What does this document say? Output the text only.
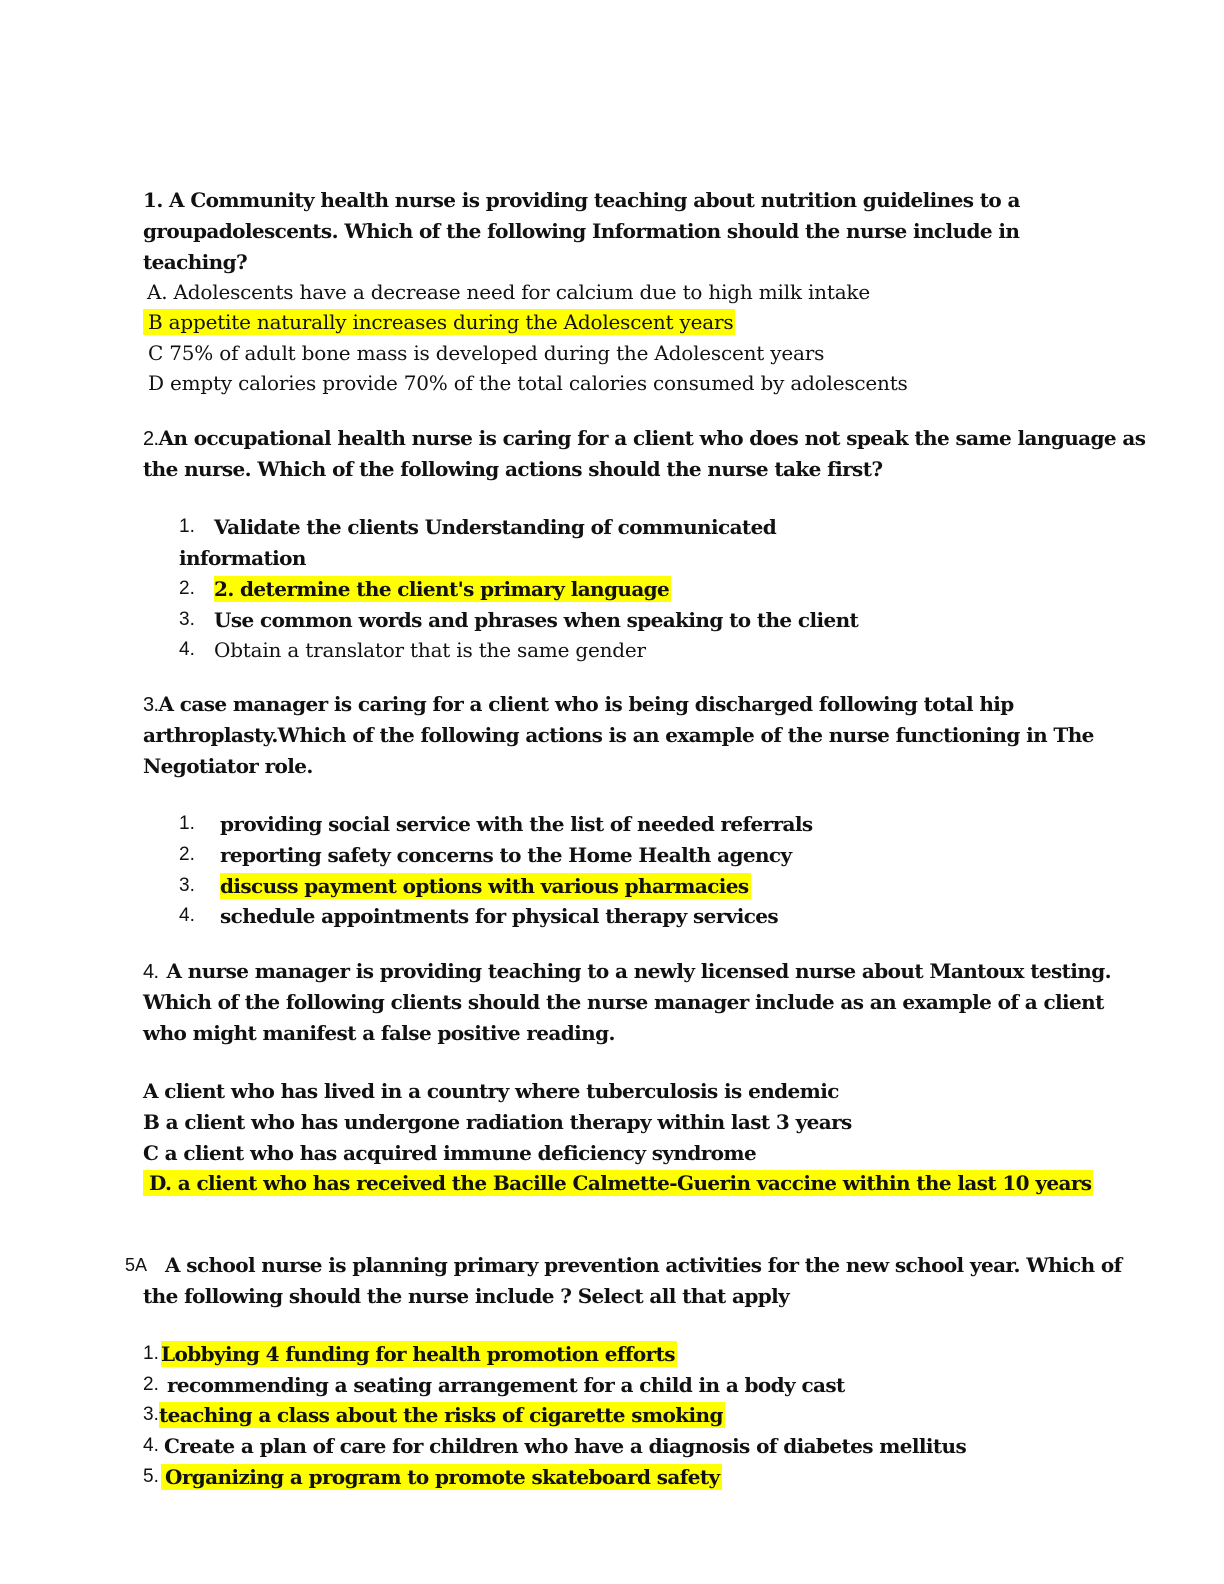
1. A Community health nurse is providing teaching about nutrition guidelines to a
groupadolescents. Which of the following Information should the nurse include in
teaching?
A. Adolescents have a decrease need for calcium due to high milk intake
B appetite naturally increases during the Adolescent years
C 75% of adult bone mass is developed during the Adolescent years
D empty calories provide 70% of the total calories consumed by adolescents
2.An occupational health nurse is caring for a client who does not speak the same language as
the nurse. Which of the following actions should the nurse take first?
1. Validate the clients Understanding of communicated
information
2. 2. determine the client's primary language
3. Use common words and phrases when speaking to the client
4. Obtain a translator that is the same gender
3.A case manager is caring for a client who is being discharged following total hip
arthroplasty.Which of the following actions is an example of the nurse functioning in The
Negotiator role.
1. providing social service with the list of needed referrals
2. reporting safety concerns to the Home Health agency
3. discuss payment options with various pharmacies
4. schedule appointments for physical therapy services
4. A nurse manager is providing teaching to a newly licensed nurse about Mantoux testing.
Which of the following clients should the nurse manager include as an example of a client
who might manifest a false positive reading.
A client who has lived in a country where tuberculosis is endemic
B a client who has undergone radiation therapy within last 3 years
C a client who has acquired immune deficiency syndrome
D. a client who has received the Bacille Calmette-Guerin vaccine within the last 10 years
5A A school nurse is planning primary prevention activities for the new school year. Which of
the following should the nurse include ? Select all that apply
1. Lobbying 4 funding for health promotion efforts
2. recommending a seating arrangement for a child in a body cast
3. teaching a class about the risks of cigarette smoking
4. Create a plan of care for children who have a diagnosis of diabetes mellitus
5. Organizing a program to promote skateboard safety
